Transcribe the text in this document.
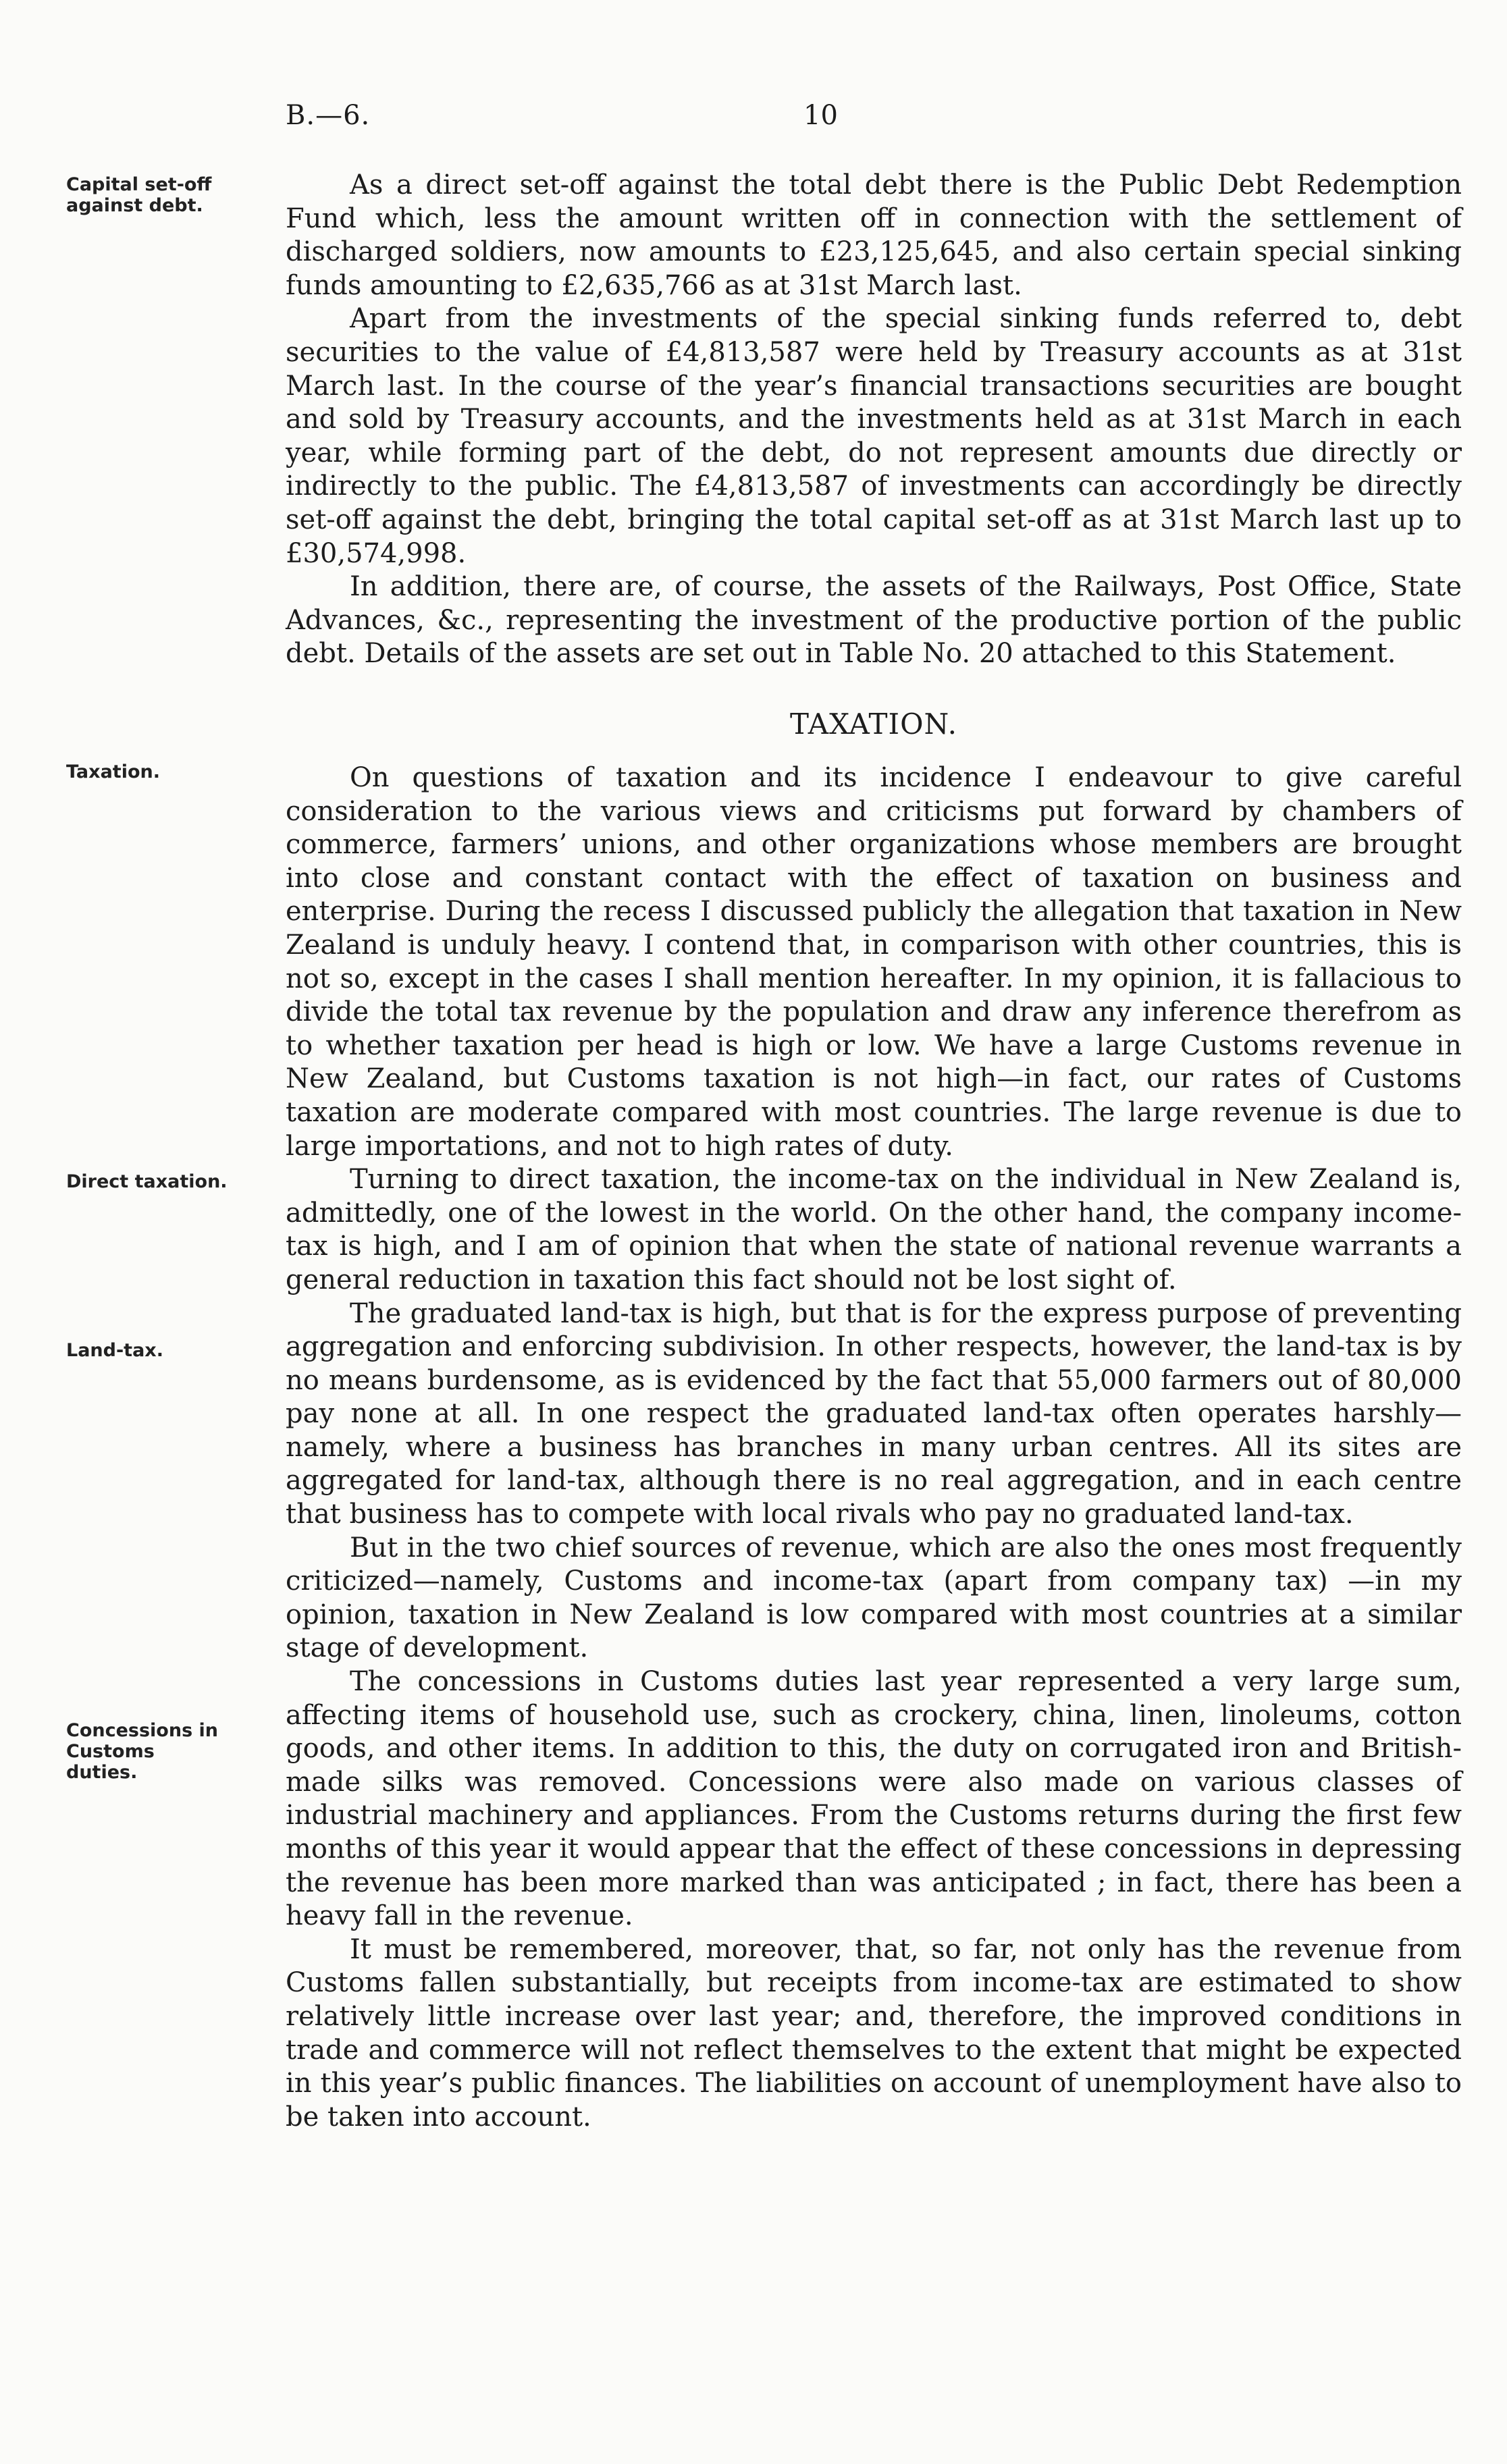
B.—6.	10
Capital set-off against debt.
Taxation.
Direct taxation.
Land-tax.
Concessions in Customs duties.

As a direct set-off against the total debt there is the Public Debt Redemption Fund which, less the amount written off in connection with the settlement of discharged soldiers, now amounts to £23,125,645, and also certain special sinking funds amounting to £2,635,766 as at 31st March last.

Apart from the investments of the special sinking funds referred to, debt securities to the value of £4,813,587 were held by Treasury accounts as at 31st March last. In the course of the year’s financial transactions securities are bought and sold by Treasury accounts, and the investments held as at 31st March in each year, while forming part of the debt, do not represent amounts due directly or indirectly to the public. The £4,813,587 of investments can accordingly be directly set-off against the debt, bringing the total capital set-off as at 31st March last up to £30,574,998.

In addition, there are, of course, the assets of the Railways, Post Office, State Advances, &c., representing the investment of the productive portion of the public debt. Details of the assets are set out in Table No. 20 attached to this Statement.

TAXATION.

On questions of taxation and its incidence I endeavour to give careful consideration to the various views and criticisms put forward by chambers of commerce, farmers’ unions, and other organizations whose members are brought into close and constant contact with the effect of taxation on business and enterprise. During the recess I discussed publicly the allegation that taxation in New Zealand is unduly heavy. I contend that, in comparison with other countries, this is not so, except in the cases I shall mention hereafter. In my opinion, it is fallacious to divide the total tax revenue by the population and draw any inference therefrom as to whether taxation per head is high or low. We have a large Customs revenue in New Zealand, but Customs taxation is not high—in fact, our rates of Customs taxation are moderate compared with most countries. The large revenue is due to large importations, and not to high rates of duty.

Turning to direct taxation, the income-tax on the individual in New Zealand is, admittedly, one of the lowest in the world. On the other hand, the company income-tax is high, and I am of opinion that when the state of national revenue warrants a general reduction in taxation this fact should not be lost sight of.

The graduated land-tax is high, but that is for the express purpose of preventing aggregation and enforcing subdivision. In other respects, however, the land-tax is by no means burdensome, as is evidenced by the fact that 55,000 farmers out of 80,000 pay none at all. In one respect the graduated land-tax often operates harshly—namely, where a business has branches in many urban centres. All its sites are aggregated for land-tax, although there is no real aggregation, and in each centre that business has to compete with local rivals who pay no graduated land-tax.

But in the two chief sources of revenue, which are also the ones most frequently criticized—namely, Customs and income-tax (apart from company tax) —in my opinion, taxation in New Zealand is low compared with most countries at a similar stage of development.

The concessions in Customs duties last year represented a very large sum, affecting items of household use, such as crockery, china, linen, linoleums, cotton goods, and other items. In addition to this, the duty on corrugated iron and British-made silks was removed. Concessions were also made on various classes of industrial machinery and appliances. From the Customs returns during the first few months of this year it would appear that the effect of these concessions in depressing the revenue has been more marked than was anticipated ; in fact, there has been a heavy fall in the revenue.

It must be remembered, moreover, that, so far, not only has the revenue from Customs fallen substantially, but receipts from income-tax are estimated to show relatively little increase over last year; and, therefore, the improved conditions in trade and commerce will not reflect themselves to the extent that might be expected in this year’s public finances. The liabilities on account of unemployment have also to be taken into account.
